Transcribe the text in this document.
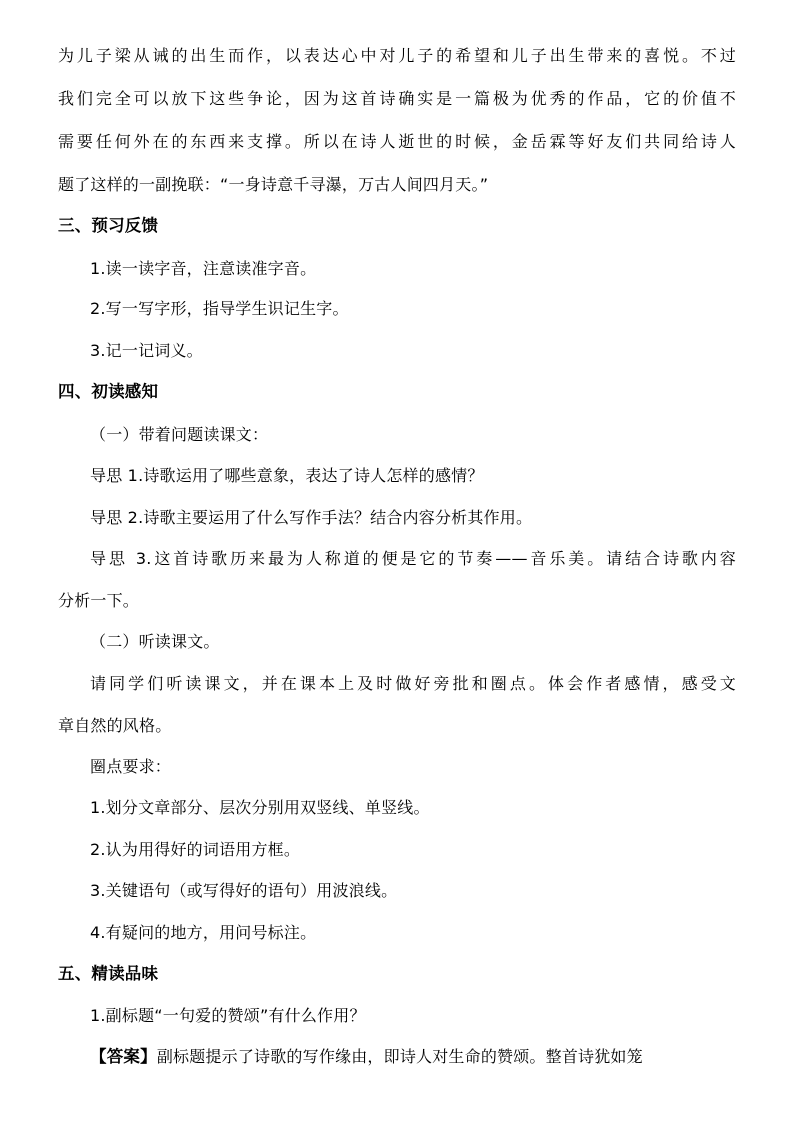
为儿子梁从诫的出生而作，以表达心中对儿子的希望和儿子出生带来的喜悦。不过
我们完全可以放下这些争论，因为这首诗确实是一篇极为优秀的作品，它的价值不
需要任何外在的东西来支撑。所以在诗人逝世的时候，金岳霖等好友们共同给诗人
题了这样的一副挽联：“一身诗意千寻瀑，万古人间四月天。”
三、预习反馈
1.读一读字音，注意读准字音。
2.写一写字形，指导学生识记生字。
3.记一记词义。
四、初读感知
（一）带着问题读课文：
导思 1.诗歌运用了哪些意象，表达了诗人怎样的感情？
导思 2.诗歌主要运用了什么写作手法？结合内容分析其作用。
导思 3.这首诗歌历来最为人称道的便是它的节奏——音乐美。请结合诗歌内容
分析一下。
（二）听读课文。
请同学们听读课文，并在课本上及时做好旁批和圈点。体会作者感情，感受文
章自然的风格。
圈点要求：
1.划分文章部分、层次分别用双竖线、单竖线。
2.认为用得好的词语用方框。
3.关键语句（或写得好的语句）用波浪线。
4.有疑问的地方，用问号标注。
五、精读品味
1.副标题“一句爱的赞颂”有什么作用？
【答案】副标题提示了诗歌的写作缘由，即诗人对生命的赞颂。整首诗犹如笼
